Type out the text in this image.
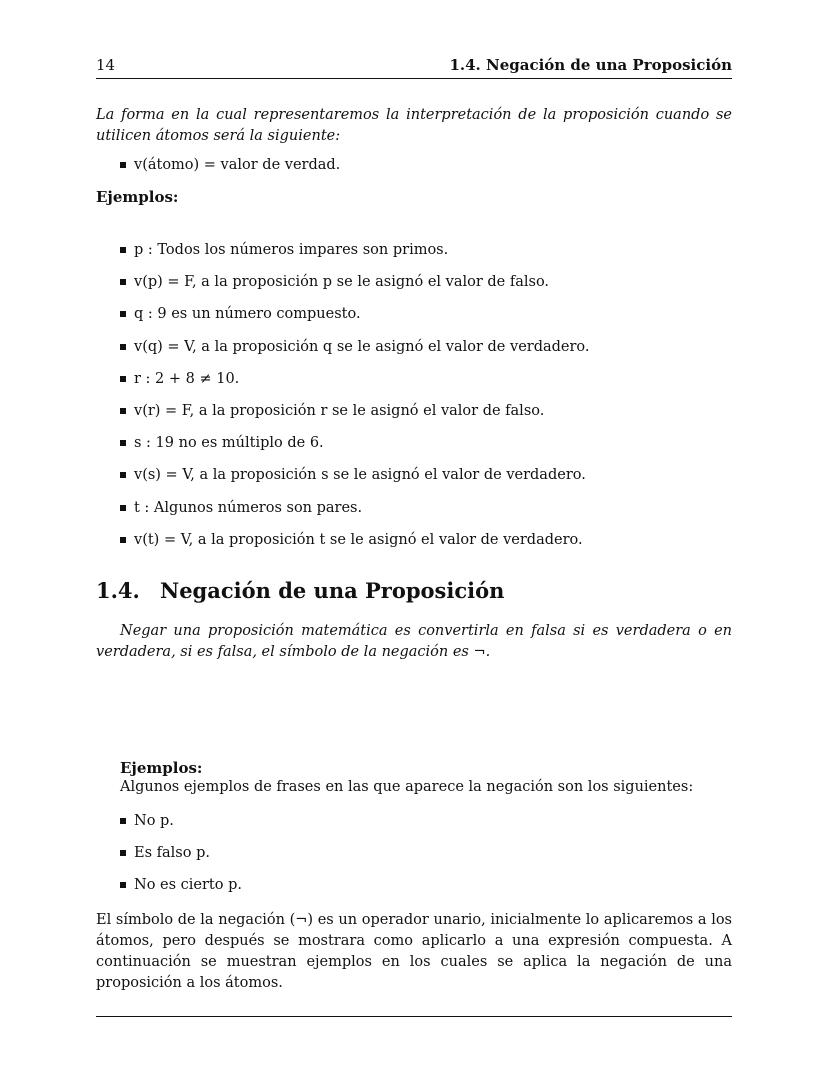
14	1.4. Negación de una Proposición
La forma en la cual representaremos la interpretación de la proposición cuando se utilicen átomos será la siguiente:
v(átomo) = valor de verdad.
Ejemplos:
p : Todos los números impares son primos.
v(p) = F, a la proposición p se le asignó el valor de falso.
q : 9 es un número compuesto.
v(q) = V, a la proposición q se le asignó el valor de verdadero.
r : 2 + 8 ≠ 10.
v(r) = F, a la proposición r se le asignó el valor de falso.
s : 19 no es múltiplo de 6.
v(s) = V, a la proposición s se le asignó el valor de verdadero.
t : Algunos números son pares.
v(t) = V, a la proposición t se le asignó el valor de verdadero.
1.4. Negación de una Proposición
Negar una proposición matemática es convertirla en falsa si es verdadera o en verdadera, si es falsa, el símbolo de la negación es ¬.
Ejemplos:
Algunos ejemplos de frases en las que aparece la negación son los siguientes:
No p.
Es falso p.
No es cierto p.
El símbolo de la negación (¬) es un operador unario, inicialmente lo aplicaremos a los átomos, pero después se mostrara como aplicarlo a una expresión compuesta. A continuación se muestran ejemplos en los cuales se aplica la negación de una proposición a los átomos.
